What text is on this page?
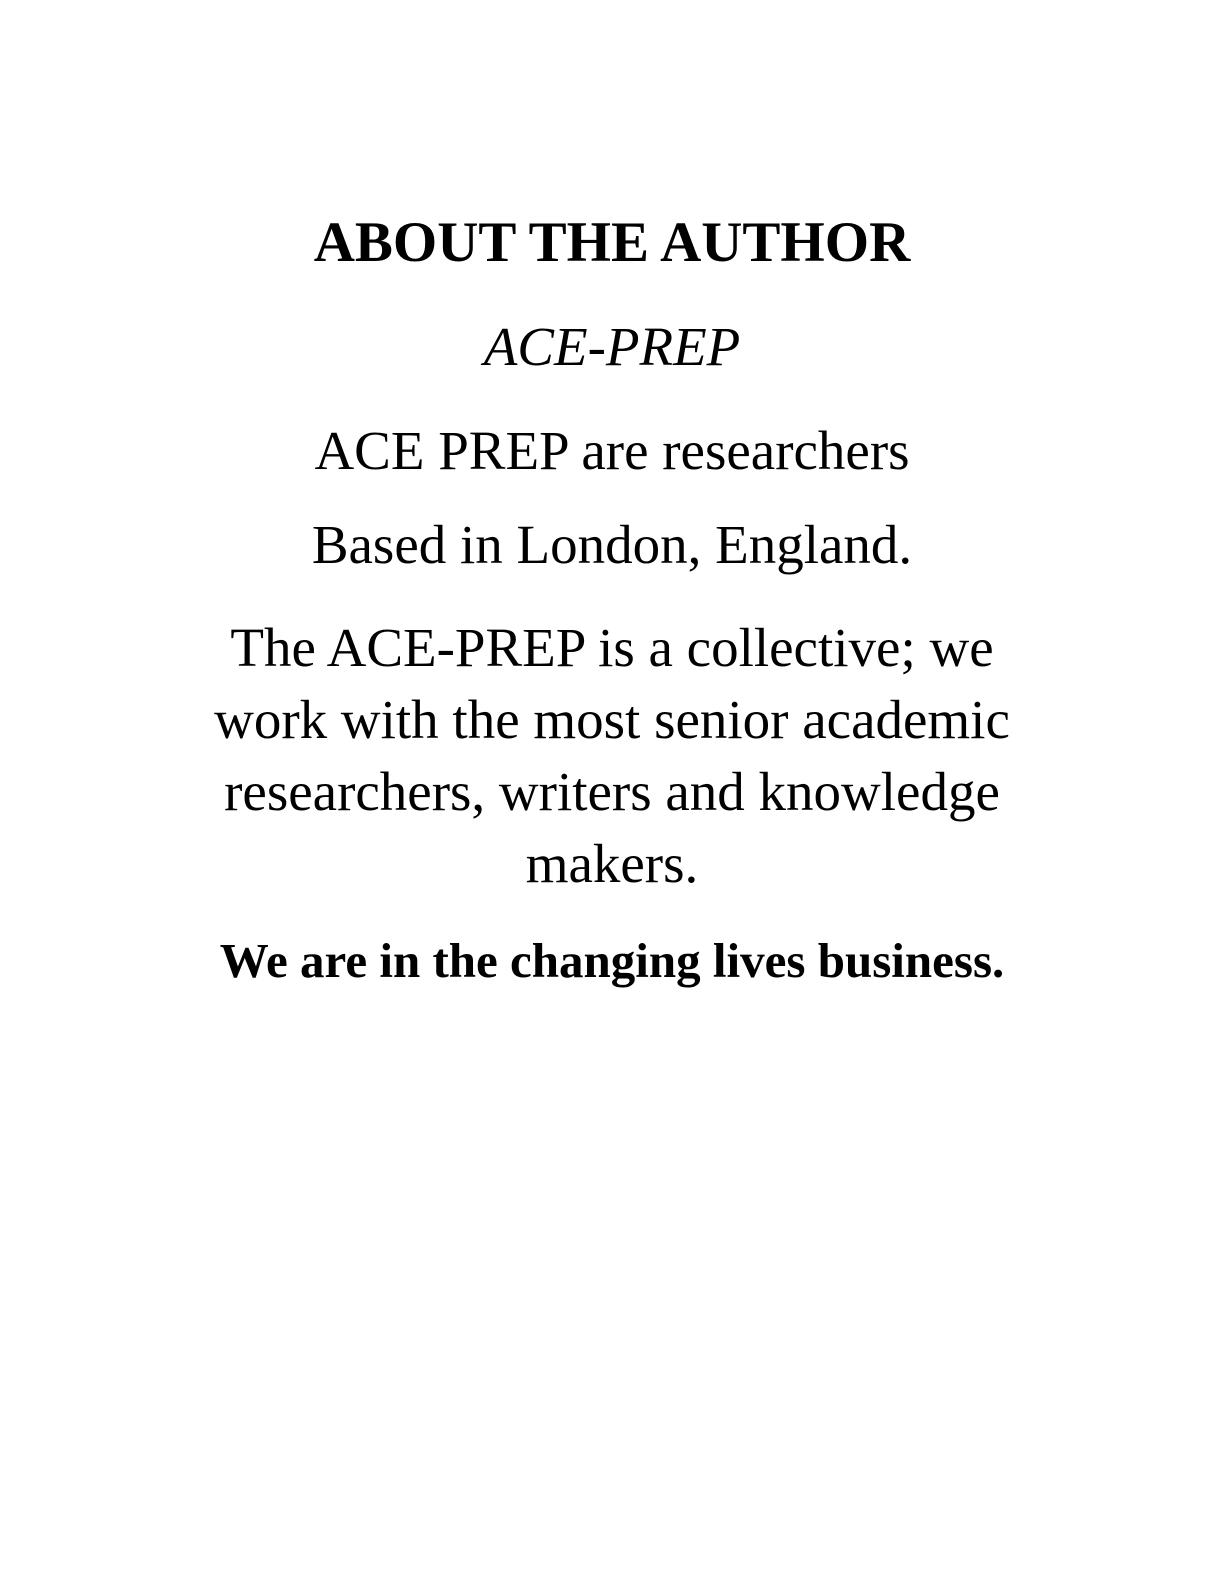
ABOUT THE AUTHOR

ACE-PREP

ACE PREP are researchers

Based in London, England.

The ACE-PREP is a collective; we
work with the most senior academic
researchers, writers and knowledge
makers.

We are in the changing lives business.
